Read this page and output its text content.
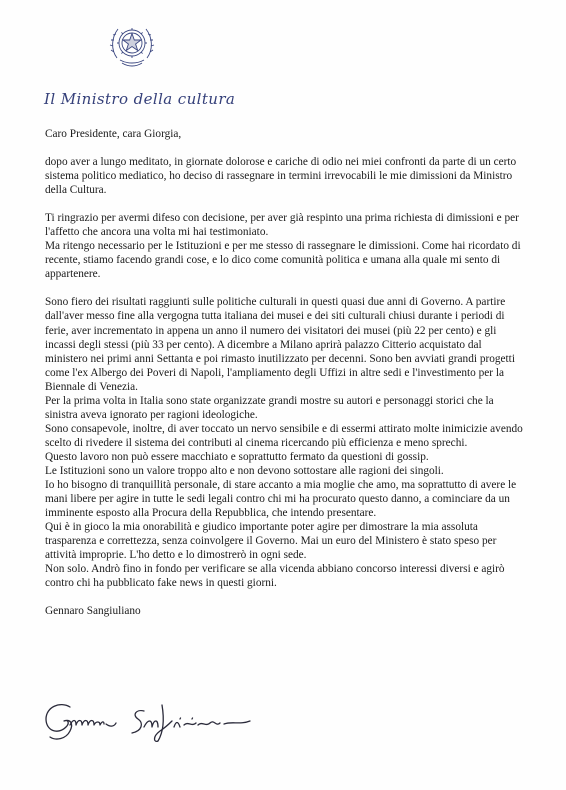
Il Ministro della cultura

Caro Presidente, cara Giorgia,

dopo aver a lungo meditato, in giornate dolorose e cariche di odio nei miei confronti da parte di un certo sistema politico mediatico, ho deciso di rassegnare in termini irrevocabili le mie dimissioni da Ministro della Cultura.

Ti ringrazio per avermi difeso con decisione, per aver già respinto una prima richiesta di dimissioni e per l'affetto che ancora una volta mi hai testimoniato.

Ma ritengo necessario per le Istituzioni e per me stesso di rassegnare le dimissioni. Come hai ricordato di recente, stiamo facendo grandi cose, e lo dico come comunità politica e umana alla quale mi sento di appartenere.

Sono fiero dei risultati raggiunti sulle politiche culturali in questi quasi due anni di Governo. A partire dall'aver messo fine alla vergogna tutta italiana dei musei e dei siti culturali chiusi durante i periodi di ferie, aver incrementato in appena un anno il numero dei visitatori dei musei (più 22 per cento) e gli incassi degli stessi (più 33 per cento). A dicembre a Milano aprirà palazzo Citterio acquistato dal ministero nei primi anni Settanta e poi rimasto inutilizzato per decenni. Sono ben avviati grandi progetti come l'ex Albergo dei Poveri di Napoli, l'ampliamento degli Uffizi in altre sedi e l'investimento per la Biennale di Venezia.

Per la prima volta in Italia sono state organizzate grandi mostre su autori e personaggi storici che la sinistra aveva ignorato per ragioni ideologiche.

Sono consapevole, inoltre, di aver toccato un nervo sensibile e di essermi attirato molte inimicizie avendo scelto di rivedere il sistema dei contributi al cinema ricercando più efficienza e meno sprechi.

Questo lavoro non può essere macchiato e soprattutto fermato da questioni di gossip.

Le Istituzioni sono un valore troppo alto e non devono sottostare alle ragioni dei singoli.

Io ho bisogno di tranquillità personale, di stare accanto a mia moglie che amo, ma soprattutto di avere le mani libere per agire in tutte le sedi legali contro chi mi ha procurato questo danno, a cominciare da un imminente esposto alla Procura della Repubblica, che intendo presentare.

Qui è in gioco la mia onorabilità e giudico importante poter agire per dimostrare la mia assoluta trasparenza e correttezza, senza coinvolgere il Governo. Mai un euro del Ministero è stato speso per attività improprie. L'ho detto e lo dimostrerò in ogni sede.

Non solo. Andrò fino in fondo per verificare se alla vicenda abbiano concorso interessi diversi e agirò contro chi ha pubblicato fake news in questi giorni.

Gennaro Sangiuliano
